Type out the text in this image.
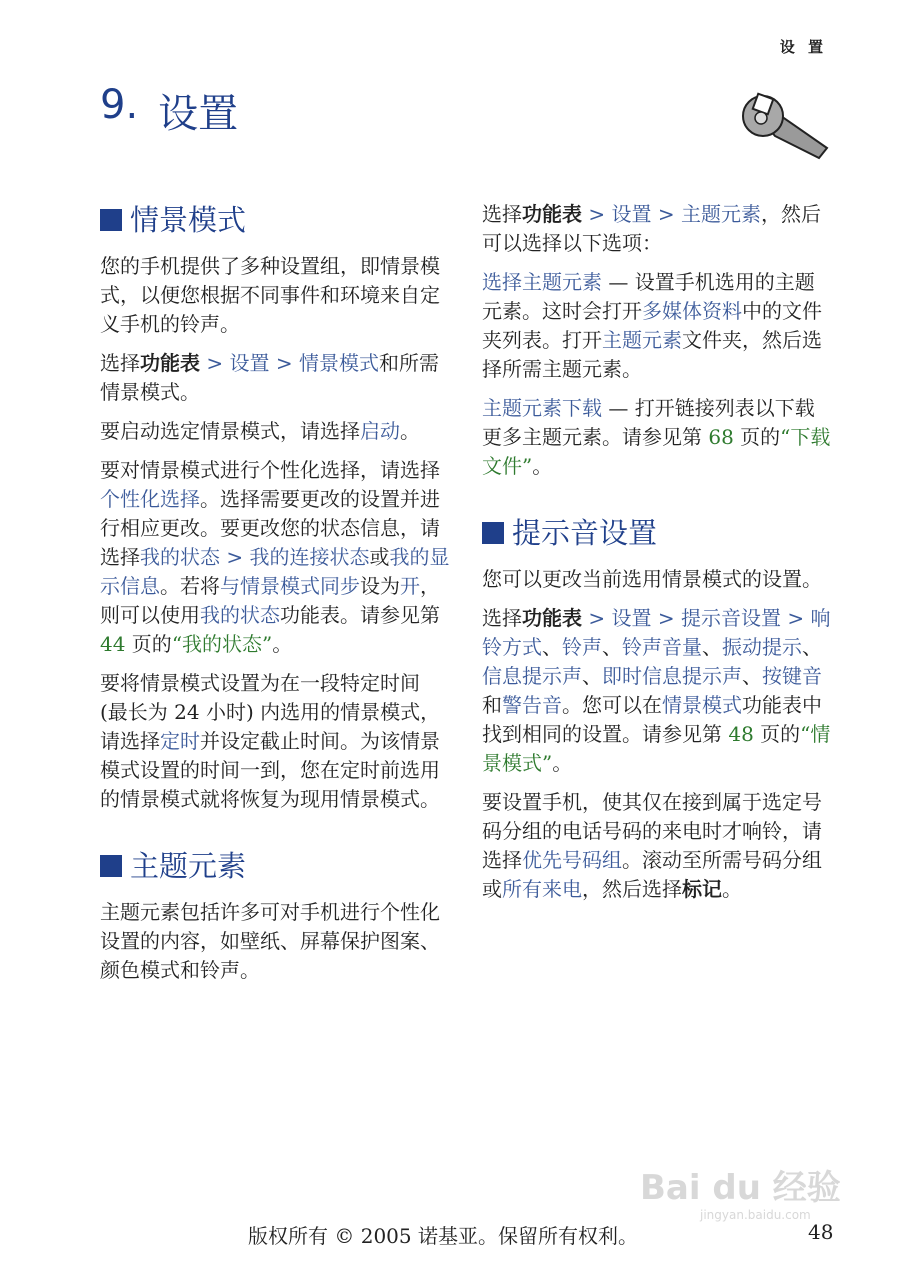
设 置
9. 设置
情景模式

您的手机提供了多种设置组，即情景模式，以便您根据不同事件和环境来自定义手机的铃声。

选择功能表 > 设置 > 情景模式和所需情景模式。

要启动选定情景模式，请选择启动。

要对情景模式进行个性化选择，请选择个性化选择。选择需要更改的设置并进行相应更改。要更改您的状态信息，请选择我的状态 > 我的连接状态或我的显示信息。若将与情景模式同步设为开，则可以使用我的状态功能表。请参见第 44 页的“我的状态”。

要将情景模式设置为在一段特定时间 (最长为 24 小时) 内选用的情景模式，请选择定时并设定截止时间。为该情景模式设置的时间一到，您在定时前选用的情景模式就将恢复为现用情景模式。

主题元素

主题元素包括许多可对手机进行个性化设置的内容，如壁纸、屏幕保护图案、颜色模式和铃声。

选择功能表 > 设置 > 主题元素，然后可以选择以下选项：

选择主题元素 — 设置手机选用的主题元素。这时会打开多媒体资料中的文件夹列表。打开主题元素文件夹，然后选择所需主题元素。

主题元素下载 — 打开链接列表以下载更多主题元素。请参见第 68 页的“下载文件”。

提示音设置

您可以更改当前选用情景模式的设置。

选择功能表 > 设置 > 提示音设置 > 响铃方式、铃声、铃声音量、振动提示、信息提示声、即时信息提示声、按键音和警告音。您可以在情景模式功能表中找到相同的设置。请参见第 48 页的“情景模式”。

要设置手机，使其仅在接到属于选定号码分组的电话号码的来电时才响铃，请选择优先号码组。滚动至所需号码分组或所有来电，然后选择标记。

Bai du 经验
jingyan.baidu.com
版权所有 © 2005 诺基亚。保留所有权利。	48
